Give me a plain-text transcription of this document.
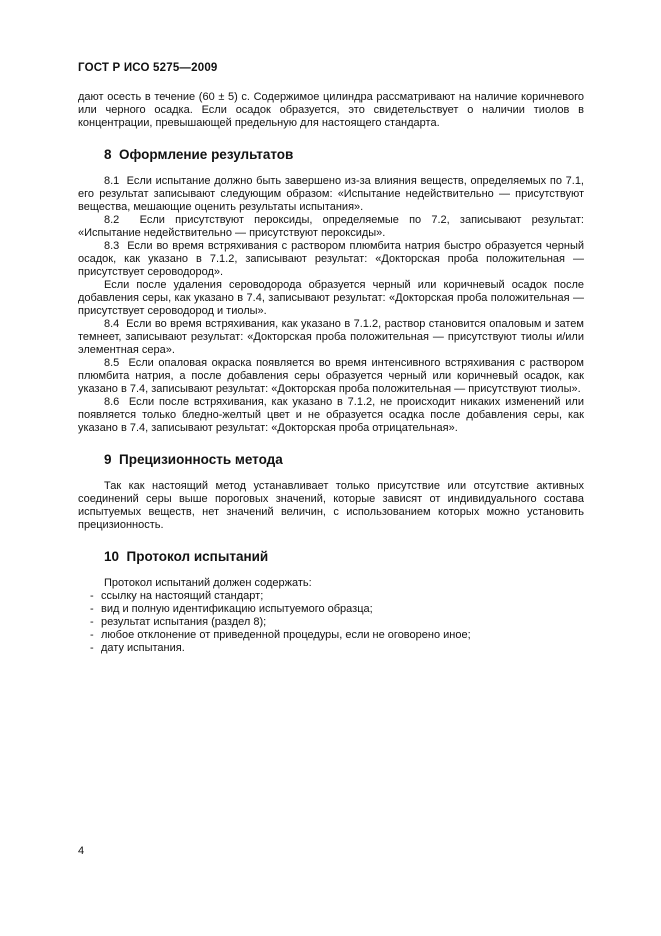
ГОСТ Р ИСО 5275—2009

дают осесть в течение (60 ± 5) с. Содержимое цилиндра рассматривают на наличие коричневого или черного осадка. Если осадок образуется, это свидетельствует о наличии тиолов в концентрации, превышающей предельную для настоящего стандарта.

8  Оформление результатов

8.1  Если испытание должно быть завершено из-за влияния веществ, определяемых по 7.1, его результат записывают следующим образом: «Испытание недействительно — присутствуют вещества, мешающие оценить результаты испытания».

8.2  Если присутствуют пероксиды, определяемые по 7.2, записывают результат: «Испытание недействительно — присутствуют пероксиды».

8.3  Если во время встряхивания с раствором плюмбита натрия быстро образуется черный осадок, как указано в 7.1.2, записывают результат: «Докторская проба положительная — присутствует сероводород».

Если после удаления сероводорода образуется черный или коричневый осадок после добавления серы, как указано в 7.4, записывают результат: «Докторская проба положительная — присутствует сероводород и тиолы».

8.4  Если во время встряхивания, как указано в 7.1.2, раствор становится опаловым и затем темнеет, записывают результат: «Докторская проба положительная — присутствуют тиолы и/или элементная сера».

8.5  Если опаловая окраска появляется во время интенсивного встряхивания с раствором плюмбита натрия, а после добавления серы образуется черный или коричневый осадок, как указано в 7.4, записывают результат: «Докторская проба положительная — присутствуют тиолы».

8.6  Если после встряхивания, как указано в 7.1.2, не происходит никаких изменений или появляется только бледно-желтый цвет и не образуется осадка после добавления серы, как указано в 7.4, записывают результат: «Докторская проба отрицательная».

9  Прецизионность метода

Так как настоящий метод устанавливает только присутствие или отсутствие активных соединений серы выше пороговых значений, которые зависят от индивидуального состава испытуемых веществ, нет значений величин, с использованием которых можно установить прецизионность.

10  Протокол испытаний

Протокол испытаний должен содержать:

- ссылку на настоящий стандарт;
- вид и полную идентификацию испытуемого образца;
- результат испытания (раздел 8);
- любое отклонение от приведенной процедуры, если не оговорено иное;
- дату испытания.
4
